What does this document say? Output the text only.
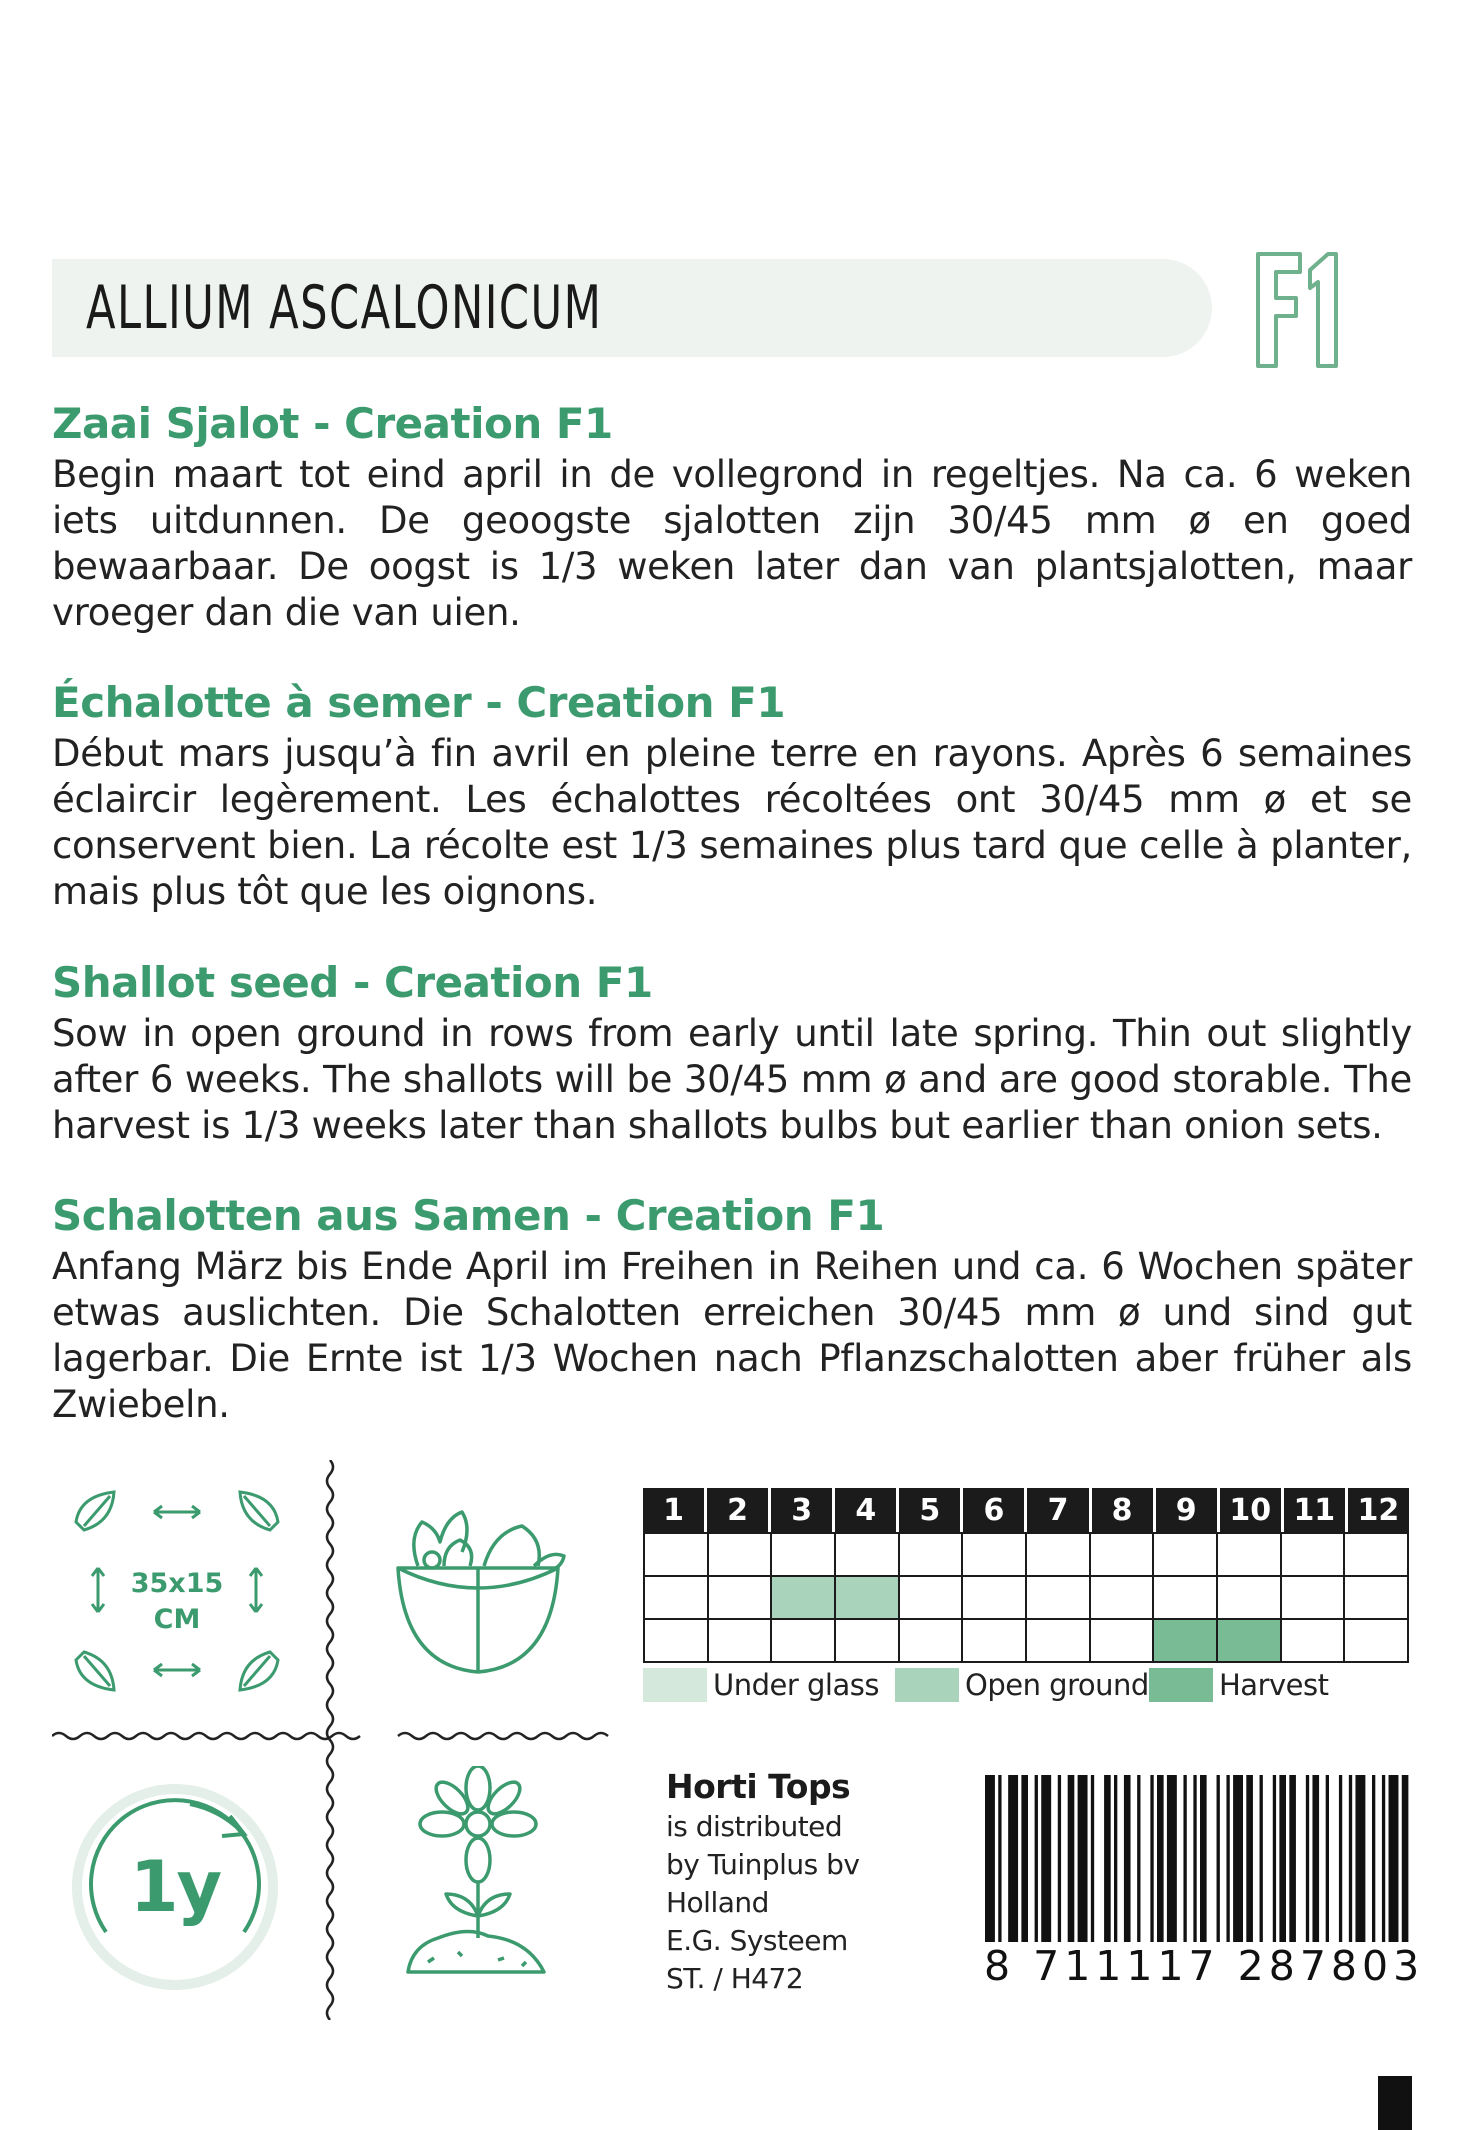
ALLIUM ASCALONICUM
Zaai Sjalot - Creation F1

Begin maart tot eind april in de vollegrond in regeltjes. Na ca. 6 weken iets uitdunnen. De geoogste sjalotten zijn 30/45 mm ø en goed bewaarbaar. De oogst is 1/3 weken later dan van plantsjalotten, maar vroeger dan die van uien.

Échalotte à semer - Creation F1

Début mars jusqu’à fin avril en pleine terre en rayons. Après 6 semaines éclaircir legèrement. Les échalottes récoltées ont 30/45 mm ø et se conservent bien. La récolte est 1/3 semaines plus tard que celle à planter, mais plus tôt que les oignons.

Shallot seed - Creation F1

Sow in open ground in rows from early until late spring. Thin out slightly after 6 weeks. The shallots will be 30/45 mm ø and are good storable. The harvest is 1/3 weeks later than shallots bulbs but earlier than onion sets.

Schalotten aus Samen - Creation F1

Anfang März bis Ende April im Freihen in Reihen und ca. 6 Wochen später etwas auslichten. Die Schalotten erreichen 30/45 mm ø und sind gut lagerbar. Die Ernte ist 1/3 Wochen nach Pflanzschalotten aber früher als Zwiebeln.

35x15
CM
1y
1	2	3	4	5	6	7	8	9	10 11 12
Under glass	Open ground Harvest
Horti Tops
is distributed
by Tuinplus bv
Holland
E.G. Systeem
ST. / H472	8 711117 287803
